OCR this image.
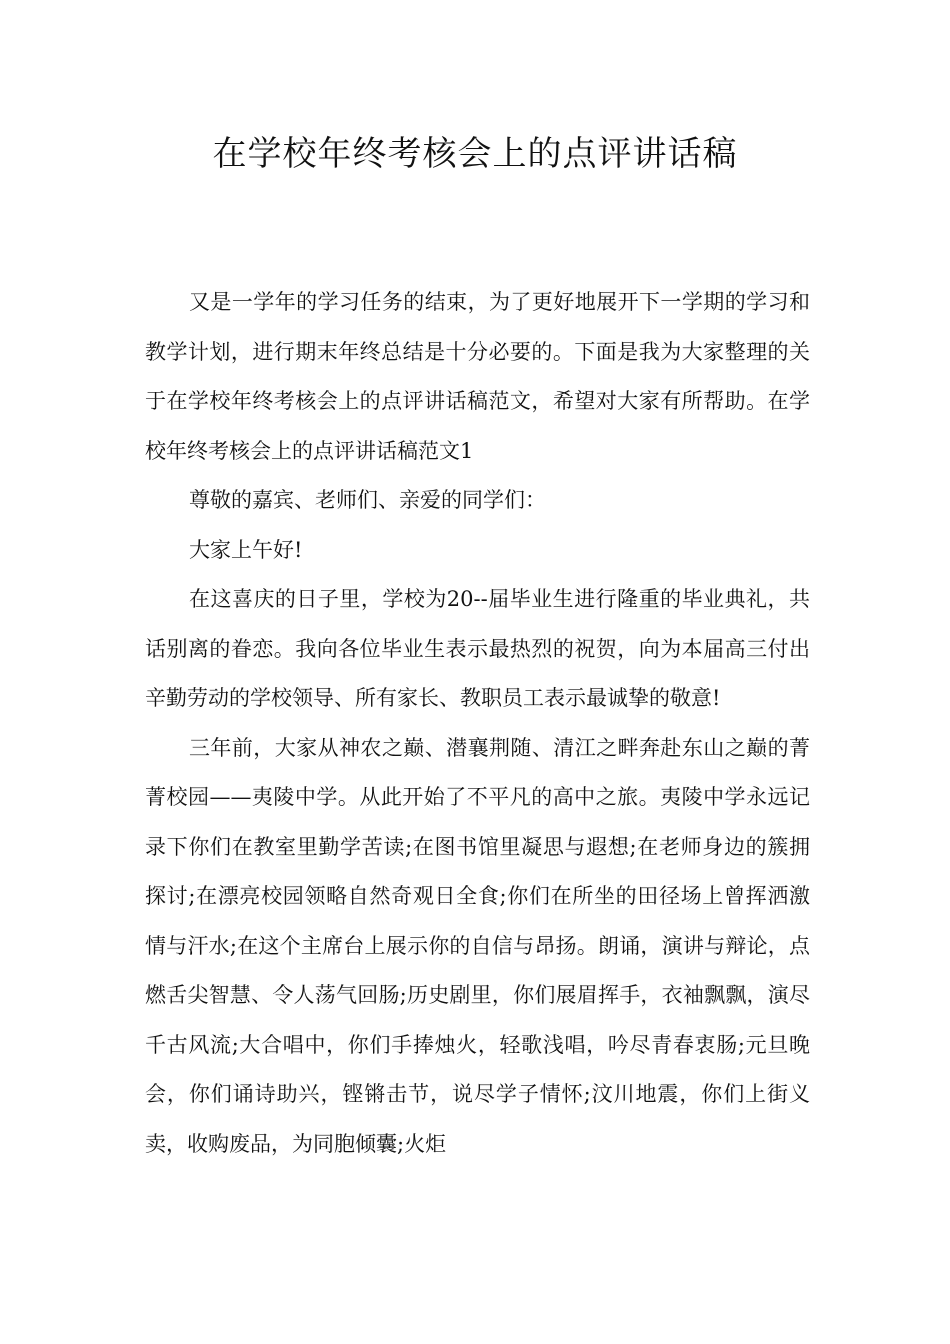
在学校年终考核会上的点评讲话稿

又是一学年的学习任务的结束，为了更好地展开下一学期的学习和教学计划，进行期末年终总结是十分必要的。下面是我为大家整理的关于在学校年终考核会上的点评讲话稿范文，希望对大家有所帮助。在学校年终考核会上的点评讲话稿范文1

尊敬的嘉宾、老师们、亲爱的同学们：

大家上午好!

在这喜庆的日子里，学校为20--届毕业生进行隆重的毕业典礼，共话别离的眷恋。我向各位毕业生表示最热烈的祝贺，向为本届高三付出辛勤劳动的学校领导、所有家长、教职员工表示最诚挚的敬意!

三年前，大家从神农之巅、潜襄荆随、清江之畔奔赴东山之巅的菁菁校园——夷陵中学。从此开始了不平凡的高中之旅。夷陵中学永远记录下你们在教室里勤学苦读;在图书馆里凝思与遐想;在老师身边的簇拥探讨;在漂亮校园领略自然奇观日全食;你们在所坐的田径场上曾挥洒激情与汗水;在这个主席台上展示你的自信与昂扬。朗诵，演讲与辩论，点燃舌尖智慧、令人荡气回肠;历史剧里，你们展眉挥手，衣袖飘飘，演尽千古风流;大合唱中，你们手捧烛火，轻歌浅唱，吟尽青春衷肠;元旦晚会，你们诵诗助兴，铿锵击节，说尽学子情怀;汶川地震，你们上街义卖，收购废品，为同胞倾囊;火炬
